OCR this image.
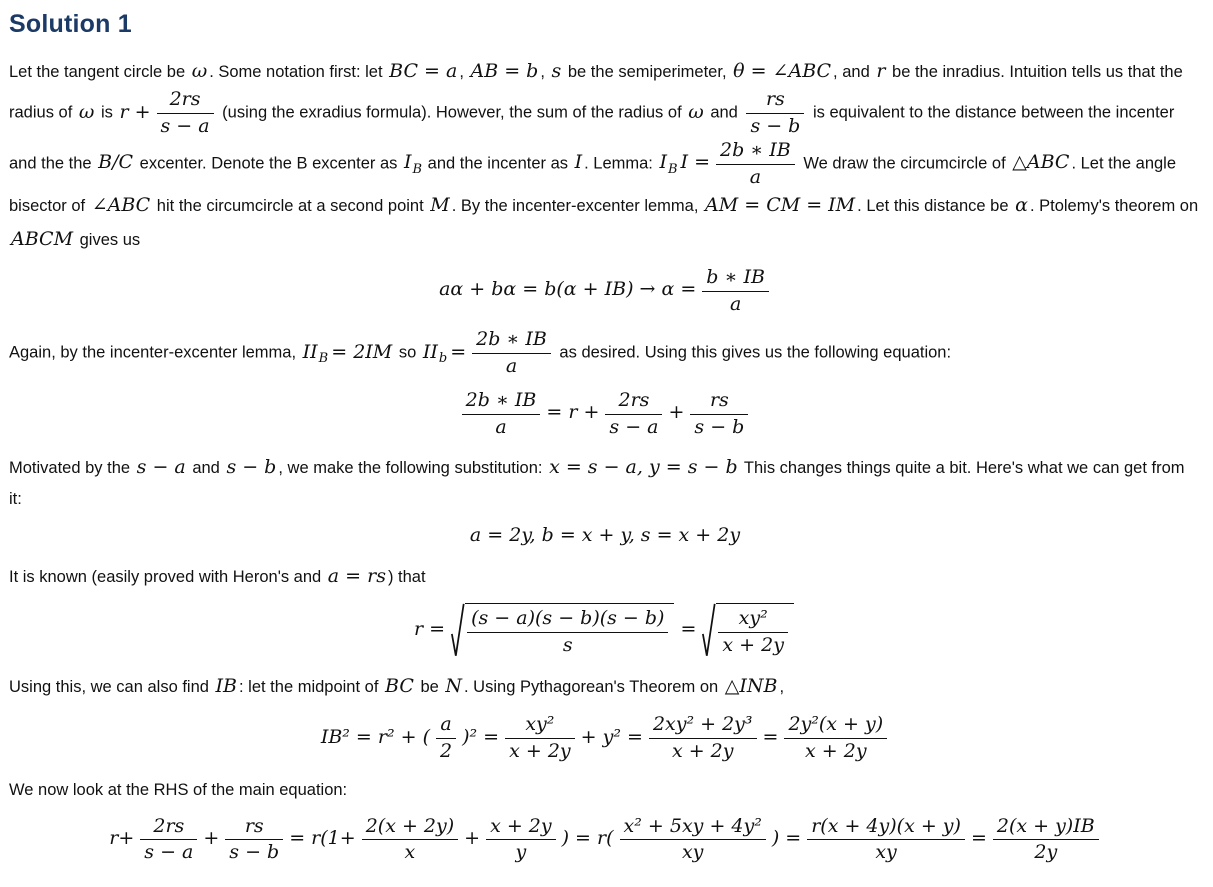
Solution 1
Let the tangent circle be ω . Some notation first: let BC = a , AB = b , s be the semiperimeter, θ = ∠ABC , and r be the inradius. Intuition tells us that the radius of ω is $r + \frac{2rs}{s - a} (using$ the exradius formula). However, the sum of the radius of ω and $\frac{rs}{s - b}$ is equivalent to the distance between the incenter and the the B/C excenter. Denote the B excenter as $I_B$ and the incenter as I . Lemma: $I_B$ $I = \frac{2b ∗ IB}{a}$ We draw the circumcircle of △ABC . Let the angle bisector of ∠ABC hit the circumcircle at a second point M . By the incenter-excenter lemma, AM = CM = IM . Let this distance be α . Ptolemy's theorem on ABCM gives us
$a\alpha + b\alpha = b(\alpha + IB) \to \alpha = \frac{b ∗ IB}{a}$
Again, by the incenter-excenter lemma, $II_B = 2IM$ so $II_b = \frac{2b ∗ IB}{a}$ as desired. Using this gives us the following equation:
$\frac{2b ∗ IB}{a} = r + \frac{2rs}{s - a} + \frac{rs}{s - b}$
Motivated by the s − a and s − b , we make the following substitution: x = s − a, y = s − b This changes things quite a bit. Here's what we can get from it:
a = 2y, b = x + y, s = x + 2y
It is known (easily proved with Heron's and a = rs ) that
$r = \frac{(s - a)(s - b)(s - b)}{s} = \frac{\text{xy²}}{x + 2y}$
Using this, we can also find IB : let the midpoint of BC be N . Using Pythagorean's Theorem on △INB ,
IB² = r² + ( $\frac{a}{2} )^2 = \frac{\text{xy²}}{x + 2y} + y^2 = \frac{\text{2xy² + 2y³}}{x + 2y} = \frac{\text{2y²(x + y)}}{x + 2y}$
We now look at the RHS of the main equation:
$r+ \frac{2rs}{s - a} + \frac{rs}{s - b} = r(1+ \frac{2(x + 2y)}{x} + \frac{x + 2y}{y}$ ) = $r( \frac{\text{x² + 5xy + 4y²}}{xy}$ ) = $\frac{r(x + 4y)(x + y)}{xy} = \frac{2(x + y)IB}{2y}$
